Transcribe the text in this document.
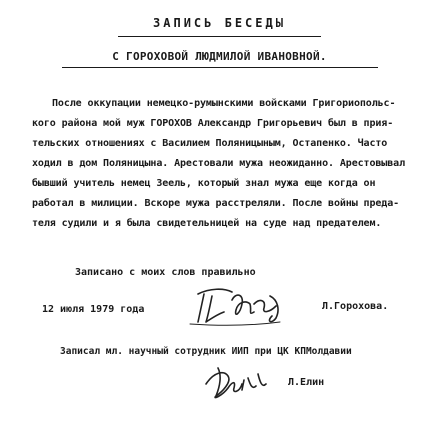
ЗАПИСЬ БЕСЕДЫ
С ГОРОХОВОЙ ЛЮДМИЛОЙ ИВАНОВНОЙ.
После оккупации немецко-румынскими войсками Григориопольс-
кого района мой муж ГОРОХОВ Александр Григорьевич был в прия-
тельских отношениях с Василием Поляницыным, Остапенко. Часто
ходил в дом Поляницына. Арестовали мужа неожиданно. Арестовывал
бывший учитель немец Зеель, который знал мужа еще когда он
работал в милиции. Вскоре мужа расстреляли. После войны преда-
теля судили и я была свидетельницей на суде над предателем.
Записано с моих слов правильно
12 июля 1979 года	Л.Горохова.
Записал мл. научный сотрудник ИИП при ЦК КПМолдавии
Л.Елин
